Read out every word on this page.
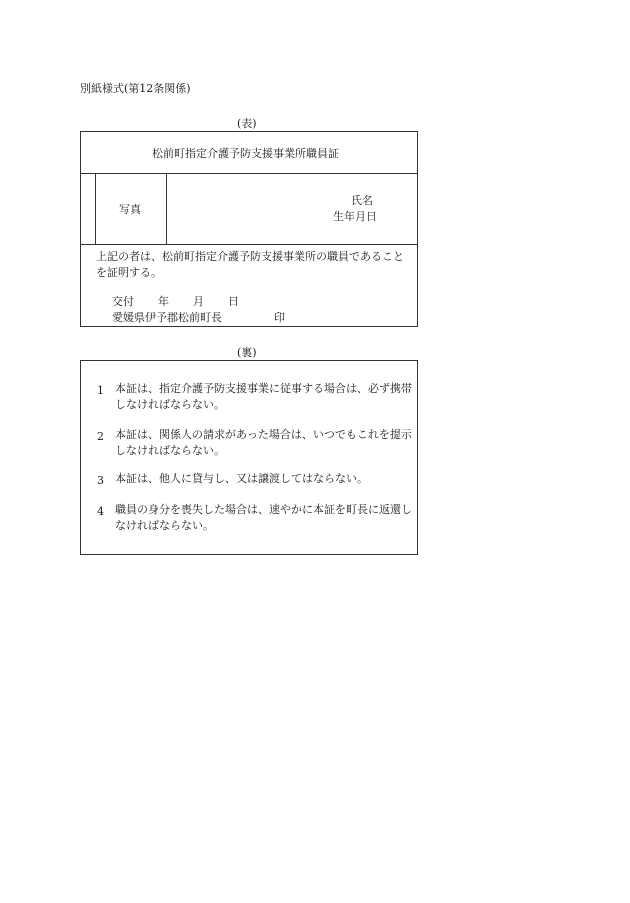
別紙様式(第12条関係)
(表)
松前町指定介護予防支援事業所職員証
写真
氏名
生年月日
上記の者は、松前町指定介護予防支援事業所の職員であることを証明する。
交付 年 月 日
愛媛県伊予郡松前町長	印
(裏)
1 本証は、指定介護予防支援事業に従事する場合は、必ず携帯しなければならない。
2 本証は、関係人の請求があった場合は、いつでもこれを提示しなければならない。
3 本証は、他人に貸与し、又は譲渡してはならない。
4 職員の身分を喪失した場合は、速やかに本証を町長に返還しなければならない。
